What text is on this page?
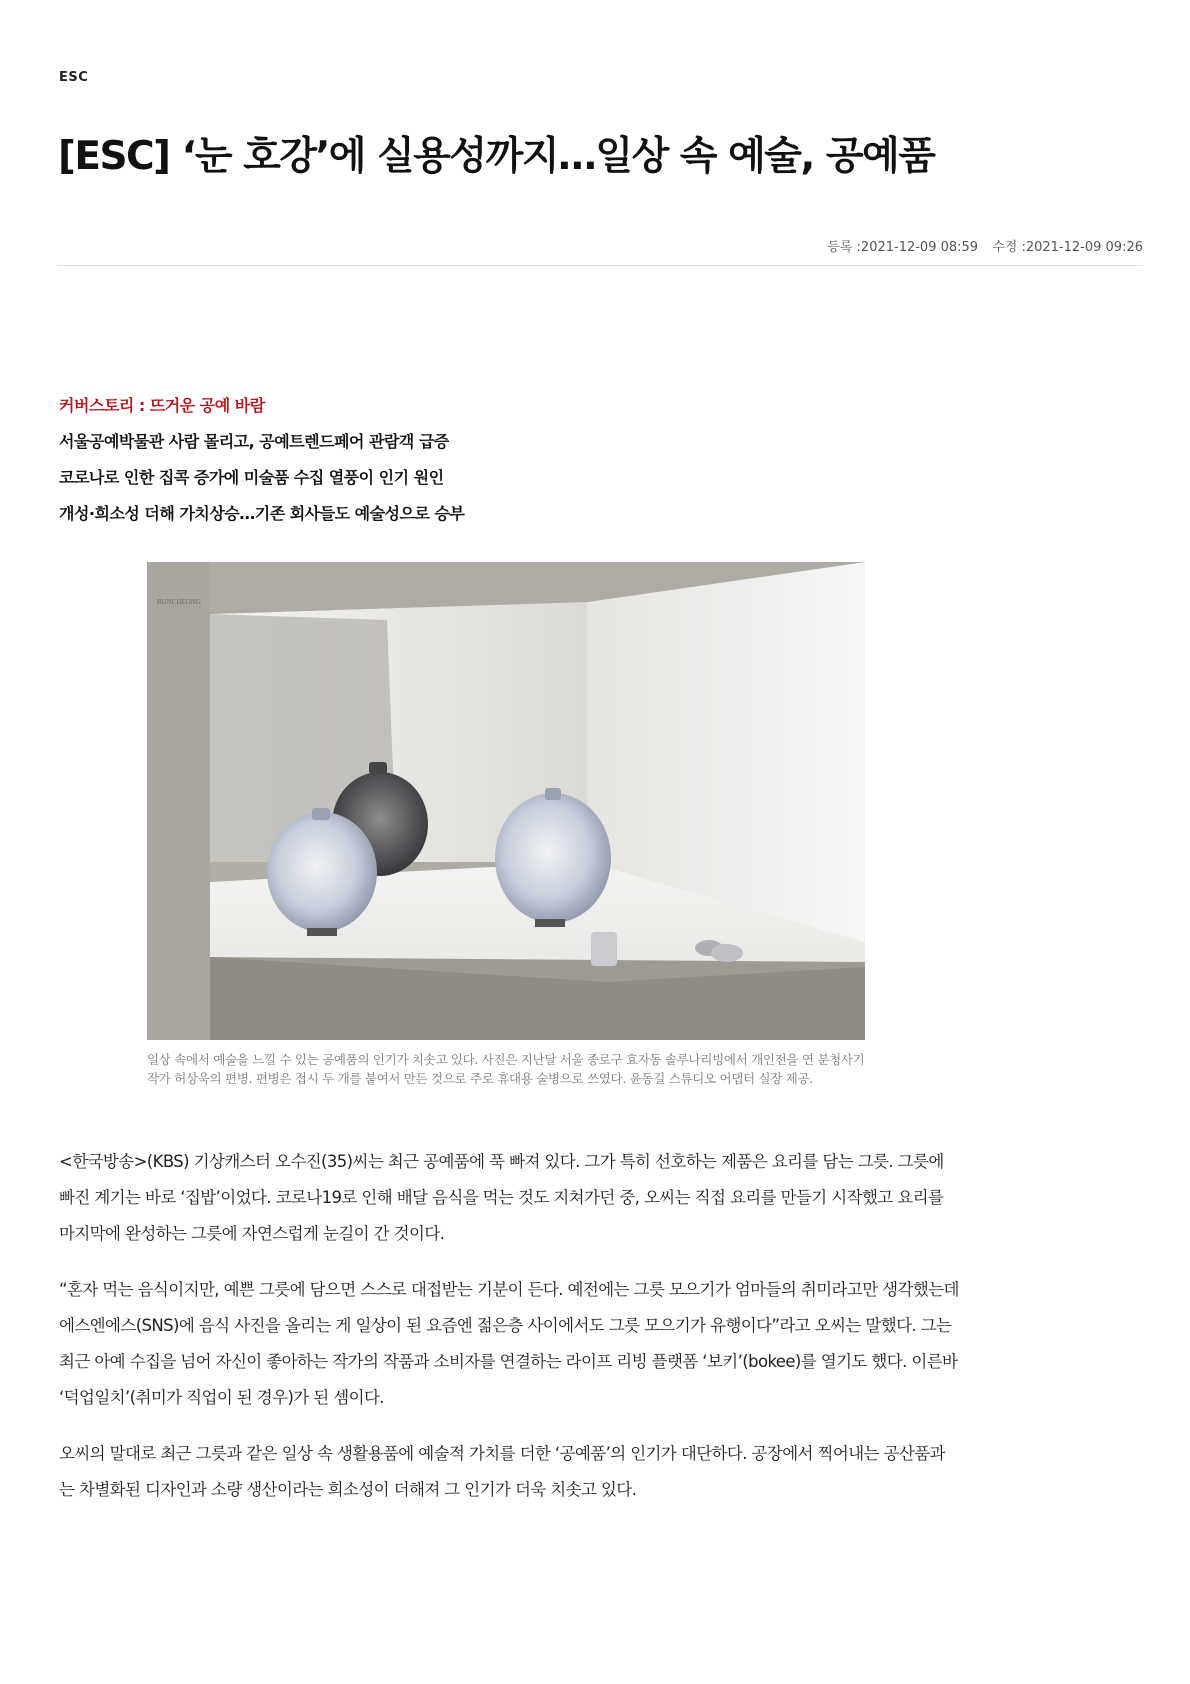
ESC
[ESC] ‘눈 호강’에 실용성까지…일상 속 예술, 공예품
등록 :2021-12-09 08:59 수정 :2021-12-09 09:26
커버스토리 : 뜨거운 공예 바람
서울공예박물관 사람 몰리고, 공예트렌드페어 관람객 급증
코로나로 인한 집콕 증가에 미술품 수집 열풍이 인기 원인
개성·희소성 더해 가치상승…기존 회사들도 예술성으로 승부
BUNCHEONG
일상 속에서 예술을 느낄 수 있는 공예품의 인기가 치솟고 있다. 사진은 지난달 서울 종로구 효자동 솔루나리빙에서 개인전을 연 분청사기 작가 허상욱의 편병. 편병은 접시 두 개를 붙여서 만든 것으로 주로 휴대용 술병으로 쓰였다. 윤동길 스튜디오 어댑터 실장 제공.

<한국방송>(KBS) 기상캐스터 오수진(35)씨는 최근 공예품에 푹 빠져 있다. 그가 특히 선호하는 제품은 요리를 담는 그릇. 그릇에 빠진 계기는 바로 ‘집밥’이었다. 코로나19로 인해 배달 음식을 먹는 것도 지쳐가던 중, 오씨는 직접 요리를 만들기 시작했고 요리를 마지막에 완성하는 그릇에 자연스럽게 눈길이 간 것이다.

“혼자 먹는 음식이지만, 예쁜 그릇에 담으면 스스로 대접받는 기분이 든다. 예전에는 그릇 모으기가 엄마들의 취미라고만 생각했는데 에스엔에스(SNS)에 음식 사진을 올리는 게 일상이 된 요즘엔 젊은층 사이에서도 그릇 모으기가 유행이다”라고 오씨는 말했다. 그는 최근 아예 수집을 넘어 자신이 좋아하는 작가의 작품과 소비자를 연결하는 라이프 리빙 플랫폼 ‘보키’(bokee)를 열기도 했다. 이른바 ‘덕업일치’(취미가 직업이 된 경우)가 된 셈이다.

오씨의 말대로 최근 그릇과 같은 일상 속 생활용품에 예술적 가치를 더한 ‘공예품’의 인기가 대단하다. 공장에서 찍어내는 공산품과는 차별화된 디자인과 소량 생산이라는 희소성이 더해져 그 인기가 더욱 치솟고 있다.
